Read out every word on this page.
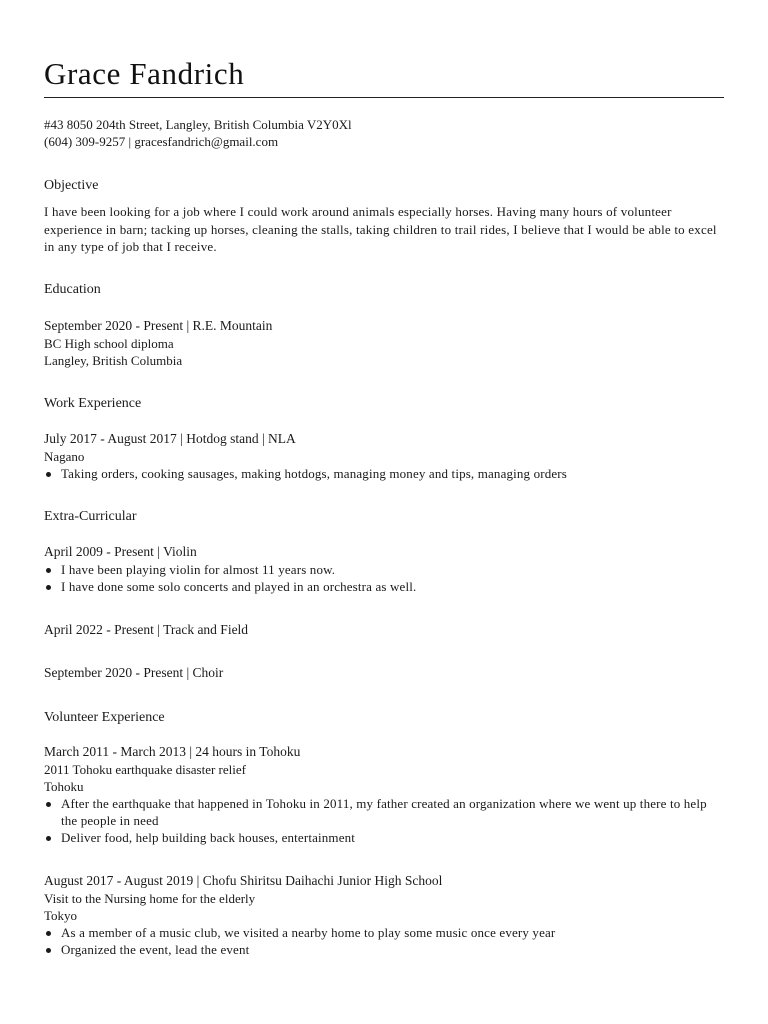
Grace Fandrich
#43 8050 204th Street, Langley, British Columbia V2Y0Xl
(604) 309-9257 | gracesfandrich@gmail.com
Objective
I have been looking for a job where I could work around animals especially horses. Having many hours of volunteer experience in barn; tacking up horses, cleaning the stalls, taking children to trail rides, I believe that I would be able to excel in any type of job that I receive.
Education
September 2020 - Present | R.E. Mountain
BC High school diploma
Langley, British Columbia
Work Experience
July 2017 - August 2017 | Hotdog stand | NLA
Nagano
Taking orders, cooking sausages, making hotdogs, managing money and tips, managing orders
Extra-Curricular
April 2009 - Present | Violin
I have been playing violin for almost 11 years now.
I have done some solo concerts and played in an orchestra as well.
April 2022 - Present | Track and Field
September 2020 - Present | Choir
Volunteer Experience
March 2011 - March 2013 | 24 hours in Tohoku
2011 Tohoku earthquake disaster relief
Tohoku
After the earthquake that happened in Tohoku in 2011, my father created an organization where we went up there to help the people in need
Deliver food, help building back houses, entertainment
August 2017 - August 2019 | Chofu Shiritsu Daihachi Junior High School
Visit to the Nursing home for the elderly
Tokyo
As a member of a music club, we visited a nearby home to play some music once every year
Organized the event, lead the event
